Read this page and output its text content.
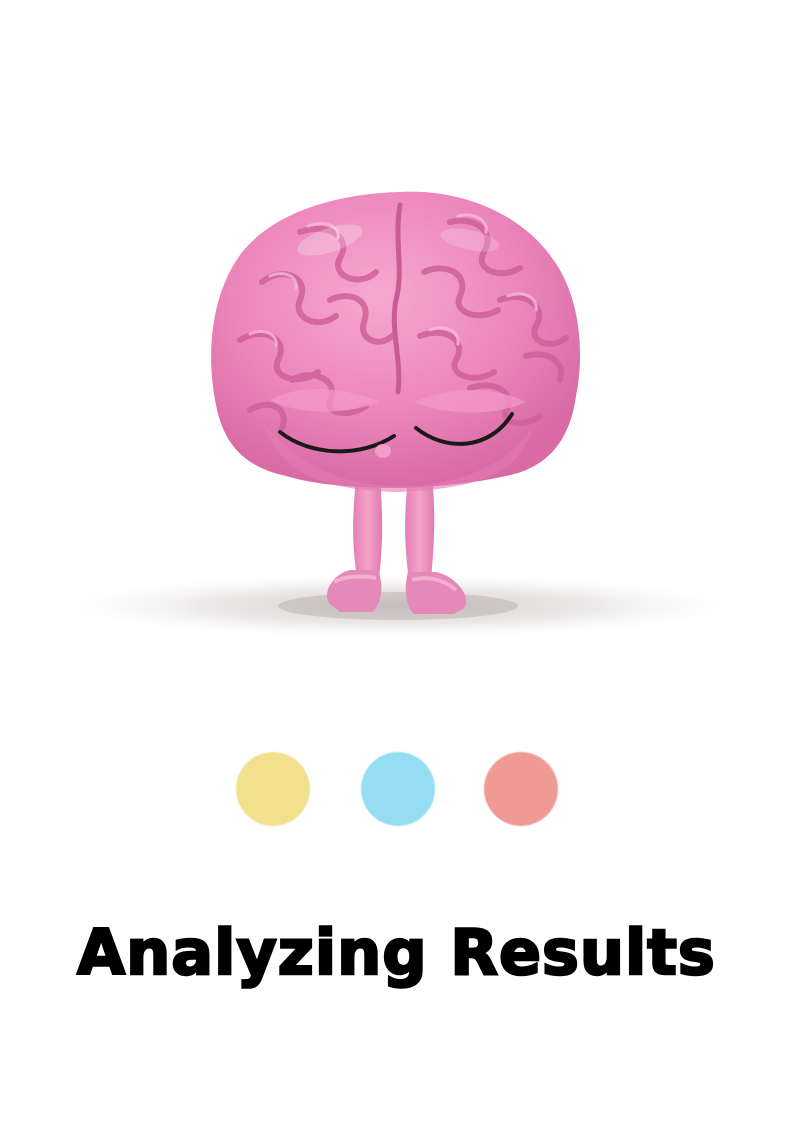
Analyzing Results
